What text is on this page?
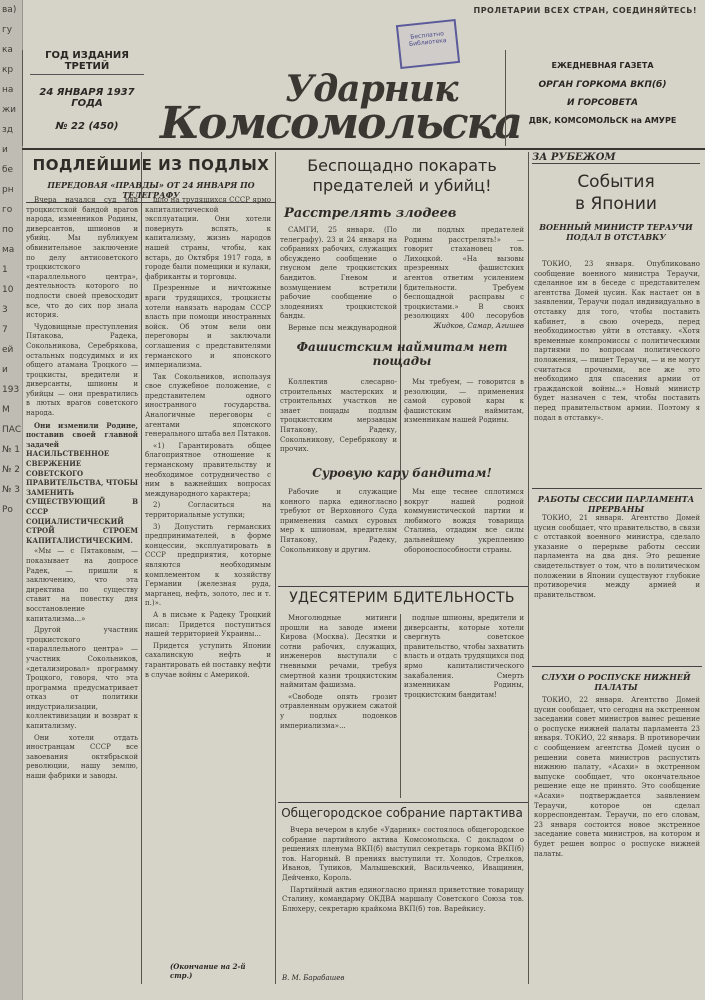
ва)
гу
ка
кр
на
жи
зд
и
бе
рн
го
по
ма
1
10
3
7
ей
и
193
М
ПАС
№ 1
№ 2
№ 3
Ро
ПРОЛЕТАРИИ ВСЕХ СТРАН, СОЕДИНЯЙТЕСЬ!
ГОД ИЗДАНИЯ ТРЕТИЙ
24 ЯНВАРЯ 1937 ГОДА
№ 22 (450)
Ударник
Комсомольска
Бесплатно Библиотека
ЕЖЕДНЕВНАЯ ГАЗЕТА
ОРГАН ГОРКОМА ВКП(б)
И ГОРСОВЕТА
ДВК, КОМСОМОЛЬСК на АМУРЕ
ПОДЛЕЙШИЕ ИЗ ПОДЛЫХ
ПЕРЕДОВАЯ «ПРАВДЫ» ОТ 24 ЯНВАРЯ ПО ТЕЛЕГРАФУ

Вчера начался суд над троцкистской бандой врагов народа, изменников Родины, диверсантов, шпионов и убийц. Мы публикуем обвинительное заключение по делу антисоветского троцкистского «параллельного центра», деятельность которого по подлости своей превосходит все, что до сих пор знала история.

Чудовищные преступления Пятакова, Радека, Сокольникова, Серебрякова, остальных подсудимых и их общего атамана Троцкого — троцкисты, вредители и диверсанты, шпионы и убийцы — они превратились в лютых врагов советского народа.

Они изменили Родине, поставив своей главной задачей НАСИЛЬСТВЕННОЕ СВЕРЖЕНИЕ СОВЕТСКОГО ПРАВИТЕЛЬСТВА, ЧТОБЫ ЗАМЕНИТЬ СУЩЕСТВУЮЩИЙ В СССР СОЦИАЛИСТИЧЕСКИЙ СТРОЙ СТРОЕМ КАПИТАЛИСТИЧЕСКИМ.

«Мы — с Пятаковым, — показывает на допросе Радек, — пришли к заключению, что эта директива по существу ставит на повестку дня восстановление капитализма...»

Другой участник троцкистского «параллельного центра» — участник Сокольников, «детализировал» программу Троцкого, говоря, что эта программа предусматривает отказ от политики индустриализации, коллективизации и возврат к капитализму.

Они хотели отдать иностранцам СССР все завоевания октябрьской революции, нашу землю, наши фабрики и заводы.

шло на трудящихся СССР ярмо капиталистической эксплуатации. Они хотели повернуть вспять, к капитализму, жизнь народов нашей страны, чтобы, как встарь, до Октября 1917 года, в городе были помещики и кулаки, фабриканты и торговцы.

Презренные и ничтожные враги трудящихся, троцкисты хотели навязать народам СССР власть при помощи иностранных войск. Об этом вели они переговоры и заключали соглашения с представителями германского и японского империализма.

Так Сокольников, используя свое служебное положение, с представителем одного иностранного государства. Аналогичные переговоры с агентами японского генерального штаба вел Пятаков.

«1) Гарантировать общее благоприятное отношение к германскому правительству и необходимое сотрудничество с ним в важнейших вопросах международного характера;

2) Согласиться на территориальные уступки;

3) Допустить германских предпринимателей, в форме концессии, эксплуатировать в СССР предприятия, которые являются необходимым комплементом к хозяйству Германии (железная руда, марганец, нефть, золото, лес и т. п.)».

А в письме к Радеку Троцкий писал: Придется поступиться нашей территорией Украины...

Придется уступить Японии сахалинскую нефть и гарантировать ей поставку нефти в случае войны с Америкой.

(Окончание на 2-й стр.)
Беспощадно покарать
предателей и убийц!
Расстрелять злодеев

САМГИ, 25 января. (По телеграфу). 23 и 24 января на собраниях рабочих, служащих обсуждено сообщение о гнусном деле троцкистских бандитов. Гневом и возмущением встретили рабочие сообщение о злодеяниях троцкистской банды.

Верные псы международной

ли подлых предателей Родины расстрелять!» — говорит стахановец тов. Лихоцкой. «На вызовы презренных фашистских агентов ответим усилением бдительности. Требуем беспощадной расправы с троцкистами.» В своих резолюциях 400 лесорубов

Жидков, Самар, Агишев
Фашистским наймитам нет пощады

Коллектив слесарно-строительных мастерских и строительных участков не знает пощады подлым троцкистским мерзавцам Пятакову, Радеку, Сокольникову, Серебрякову и прочих.

Мы требуем, — говорится в резолюции, — применения самой суровой кары к фашистским наймитам, изменникам нашей Родины.

Суровую кару бандитам!

Рабочие и служащие конного парка единогласно требуют от Верховного Суда применения самых суровых мер к шпионам, вредителям Пятакову, Радеку, Сокольникову и другим.

Мы еще теснее сплотимся вокруг нашей родной коммунистической партии и любимого вождя товарища Сталина, отдадим все силы дальнейшему укреплению обороноспособности страны.

УДЕСЯТЕРИМ БДИТЕЛЬНОСТЬ

Многолюдные митинги прошли на заводе имени Кирова (Москва). Десятки и сотни рабочих, служащих, инженеров выступали с гневными речами, требуя смертной казни троцкистским наймитам фашизма.

«Свободе опять грозит отравленным оружием сжатой у подлых подонков империализма»...

подлые шпионы, вредители и диверсанты, которые хотели свергнуть советское правительство, чтобы захватить власть и отдать трудящихся под ярмо капиталистического закабаления. Смерть изменникам Родины, троцкистским бандитам!

Общегородское собрание партактива

Вчера вечером в клубе «Ударник» состоялось общегородское собрание партийного актива Комсомольска. С докладом о решениях пленума ВКП(б) выступил секретарь горкома ВКП(б) тов. Нагорный. В прениях выступили тт. Холодов, Стрелков, Иванов, Тупиков, Малышевский, Васильченко, Иващинин, Дейченко, Король.

Партийный актив единогласно принял приветствие товарищу Сталину, командарму ОКДВА маршалу Советского Союза тов. Блюхеру, секретарю крайкома ВКП(б) тов. Варейкису.

В. М. Барабашев
ЗА РУБЕЖОМ
События
в Японии
ВОЕННЫЙ МИНИСТР ТЕРАУЧИ ПОДАЛ В ОТСТАВКУ

ТОКИО, 23 января. Опубликовано сообщение военного министра Тераучи, сделанное им в беседе с представителем агентства Домей цусин. Как настает он в заявлении, Тераучи подал индивидуально в отставку для того, чтобы поставить кабинет, в свою очередь, перед необходимостью уйти в отставку. «Хотя временные компромиссы с политическими партиями по вопросам политического положения, — пишет Тераучи, — и не могут считаться прочными, все же это необходимо для спасения армии от гражданской войны...» Новый министр будет назначен с тем, чтобы поставить перед правительством армии. Поэтому я подал в отставку».

РАБОТЫ СЕССИИ ПАРЛАМЕНТА ПРЕРВАНЫ

ТОКИО, 21 января. Агентство Домей цусин сообщает, что правительство, в связи с отставкой военного министра, сделало указание о перерыве работы сессии парламента на два дня. Это решение свидетельствует о том, что в политическом положении в Японии существуют глубокие противоречия между армией и правительством.

СЛУХИ О РОСПУСКЕ НИЖНЕЙ ПАЛАТЫ

ТОКИО, 22 января. Агентство Домей цусин сообщает, что сегодня на экстренном заседании совет министров вынес решение о роспуске нижней палаты парламента 23 января. ТОКИО, 22 января. В противоречии с сообщением агентства Домей цусин о решении совета министров распустить нижнюю палату, «Асахи» в экстренном выпуске сообщает, что окончательное решение еще не принято. Это сообщение «Асахи» подтверждается заявлением Тераучи, которое он сделал корреспондентам. Тераучи, по его словам, 23 января состоится новое экстренное заседание совета министров, на котором и будет решен вопрос о роспуске нижней палаты.
